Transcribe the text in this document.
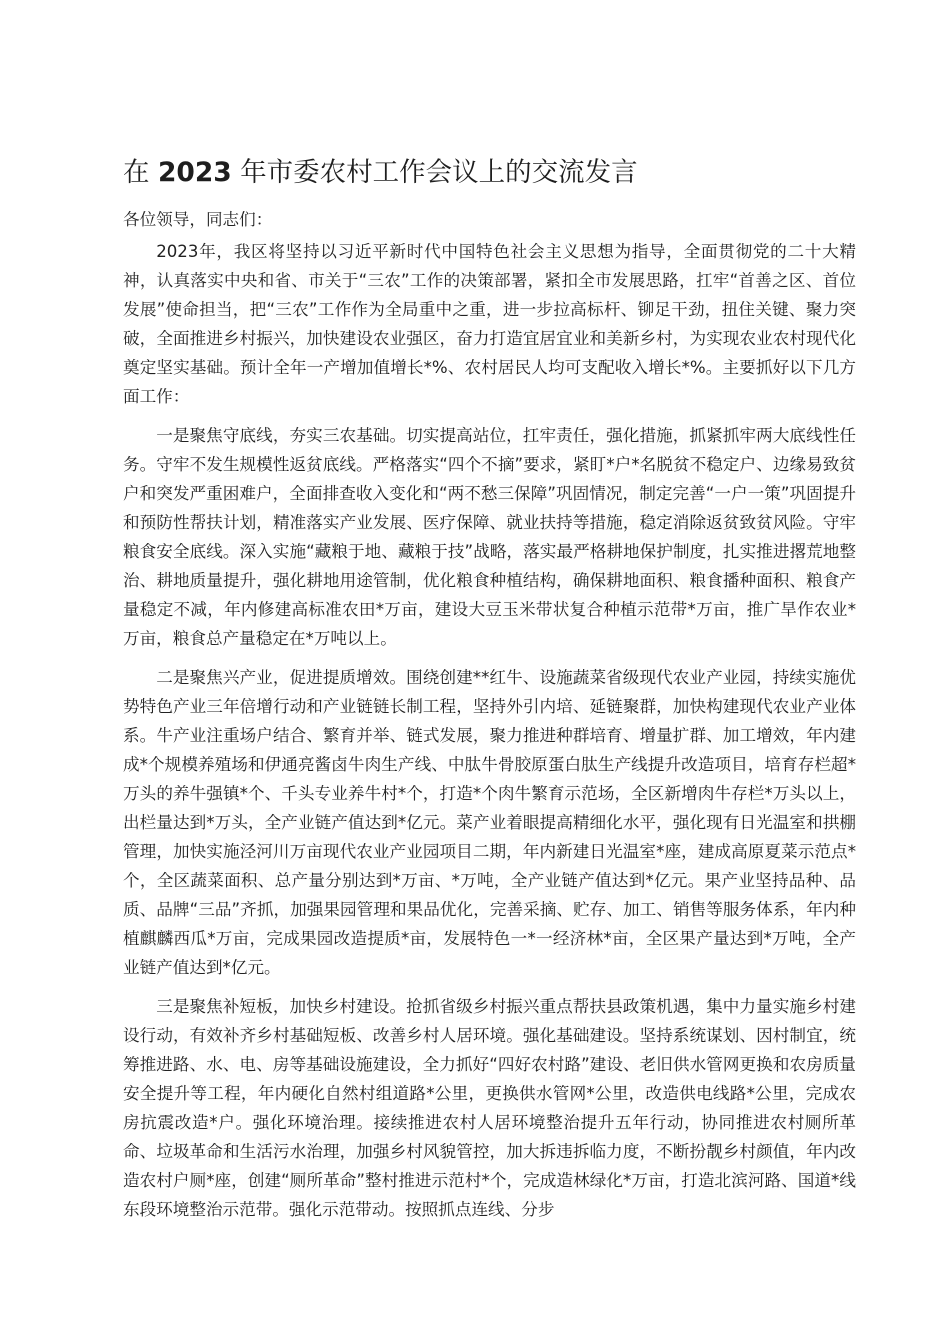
在 2023 年市委农村工作会议上的交流发言

各位领导，同志们：

2023年，我区将坚持以习近平新时代中国特色社会主义思想为指导，全面贯彻党的二十大精神，认真落实中央和省、市关于“三农”工作的决策部署，紧扣全市发展思路，扛牢“首善之区、首位发展”使命担当，把“三农”工作作为全局重中之重，进一步拉高标杆、铆足干劲，扭住关键、聚力突破，全面推进乡村振兴，加快建设农业强区，奋力打造宜居宜业和美新乡村，为实现农业农村现代化奠定坚实基础。预计全年一产增加值增长*%、农村居民人均可支配收入增长*%。主要抓好以下几方面工作：

一是聚焦守底线，夯实三农基础。切实提高站位，扛牢责任，强化措施，抓紧抓牢两大底线性任务。守牢不发生规模性返贫底线。严格落实“四个不摘”要求，紧盯*户*名脱贫不稳定户、边缘易致贫户和突发严重困难户，全面排查收入变化和“两不愁三保障”巩固情况，制定完善“一户一策”巩固提升和预防性帮扶计划，精准落实产业发展、医疗保障、就业扶持等措施，稳定消除返贫致贫风险。守牢粮食安全底线。深入实施“藏粮于地、藏粮于技”战略，落实最严格耕地保护制度，扎实推进撂荒地整治、耕地质量提升，强化耕地用途管制，优化粮食种植结构，确保耕地面积、粮食播种面积、粮食产量稳定不减，年内修建高标准农田*万亩，建设大豆玉米带状复合种植示范带*万亩，推广旱作农业*万亩，粮食总产量稳定在*万吨以上。

二是聚焦兴产业，促进提质增效。围绕创建**红牛、设施蔬菜省级现代农业产业园，持续实施优势特色产业三年倍增行动和产业链链长制工程，坚持外引内培、延链聚群，加快构建现代农业产业体系。牛产业注重场户结合、繁育并举、链式发展，聚力推进种群培育、增量扩群、加工增效，年内建成*个规模养殖场和伊通亮酱卤牛肉生产线、中肽牛骨胶原蛋白肽生产线提升改造项目，培育存栏超*万头的养牛强镇*个、千头专业养牛村*个，打造*个肉牛繁育示范场，全区新增肉牛存栏*万头以上，出栏量达到*万头，全产业链产值达到*亿元。菜产业着眼提高精细化水平，强化现有日光温室和拱棚管理，加快实施泾河川万亩现代农业产业园项目二期，年内新建日光温室*座，建成高原夏菜示范点*个，全区蔬菜面积、总产量分别达到*万亩、*万吨，全产业链产值达到*亿元。果产业坚持品种、品质、品牌“三品”齐抓，加强果园管理和果品优化，完善采摘、贮存、加工、销售等服务体系，年内种植麒麟西瓜*万亩，完成果园改造提质*亩，发展特色一*一经济林*亩，全区果产量达到*万吨，全产业链产值达到*亿元。

三是聚焦补短板，加快乡村建设。抢抓省级乡村振兴重点帮扶县政策机遇，集中力量实施乡村建设行动，有效补齐乡村基础短板、改善乡村人居环境。强化基础建设。坚持系统谋划、因村制宜，统筹推进路、水、电、房等基础设施建设，全力抓好“四好农村路”建设、老旧供水管网更换和农房质量安全提升等工程，年内硬化自然村组道路*公里，更换供水管网*公里，改造供电线路*公里，完成农房抗震改造*户。强化环境治理。接续推进农村人居环境整治提升五年行动，协同推进农村厕所革命、垃圾革命和生活污水治理，加强乡村风貌管控，加大拆违拆临力度，不断扮靓乡村颜值，年内改造农村户厕*座，创建“厕所革命”整村推进示范村*个，完成造林绿化*万亩，打造北滨河路、国道*线东段环境整治示范带。强化示范带动。按照抓点连线、分步
